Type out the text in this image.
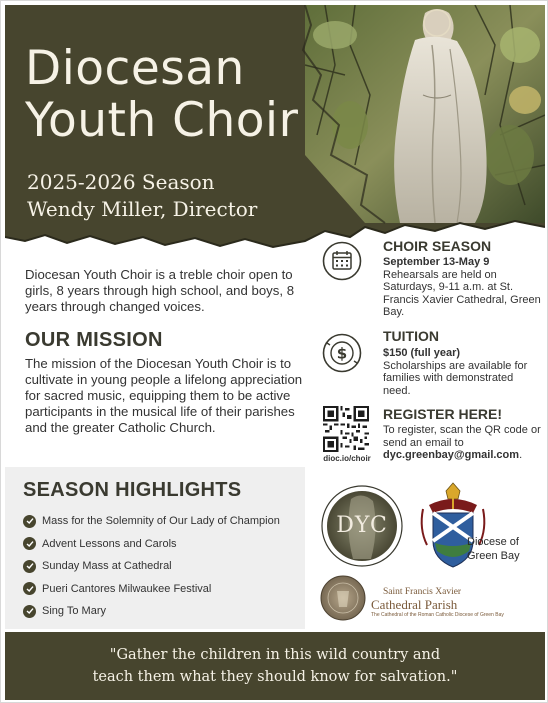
Diocesan
Youth Choir
2025-2026 Season
Wendy Miller, Director
Diocesan Youth Choir is a treble choir open to girls, 8 years through high school, and boys, 8 years through changed voices.
OUR MISSION
The mission of the Diocesan Youth Choir is to cultivate in young people a lifelong appreciation for sacred music, equipping them to be active participants in the musical life of their parishes and the greater Catholic Church.
SEASON HIGHLIGHTS
Mass for the Solemnity of Our Lady of Champion
Advent Lessons and Carols
Sunday Mass at Cathedral
Pueri Cantores Milwaukee Festival
Sing To Mary
CHOIR SEASON
September 13-May 9
Rehearsals are held on Saturdays, 9-11 a.m. at St. Francis Xavier Cathedral, Green Bay.
$
TUITION
$150 (full year)
Scholarships are available for families with demonstrated need.
dioc.io/choir
REGISTER HERE!
To register, scan the QR code or send an email to dyc.greenbay@gmail.com.
DYC
Diocese of
Green Bay
Saint Francis Xavier
Cathedral Parish
The Cathedral of the Roman Catholic Diocese of Green Bay
"Gather the children in this wild country and
teach them what they should know for salvation."
